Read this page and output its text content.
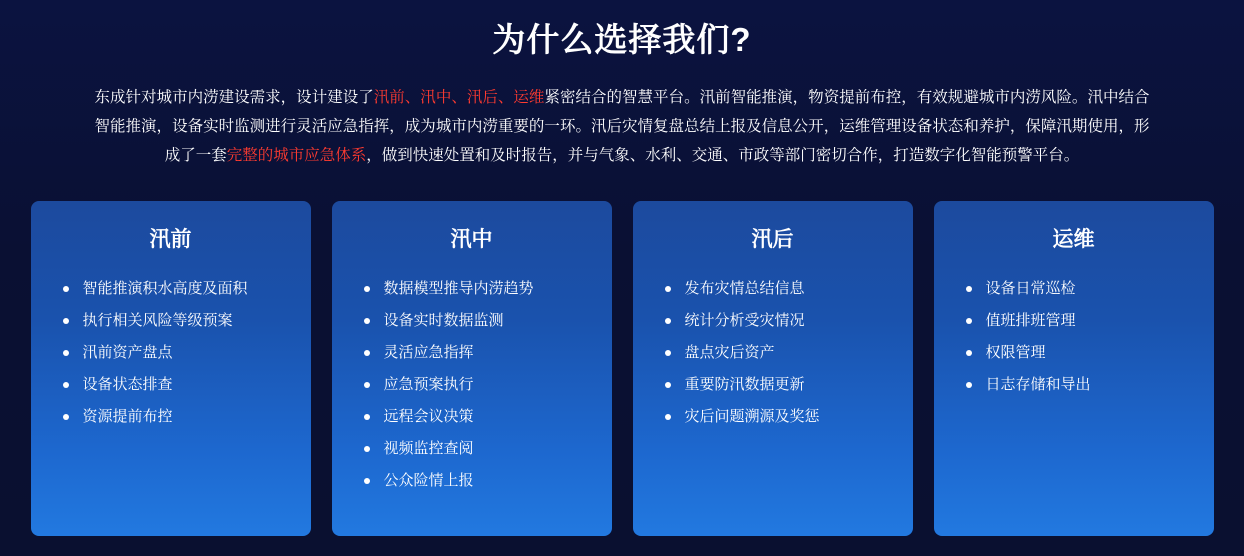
为什么选择我们?

东成针对城市内涝建设需求，设计建设了汛前、汛中、汛后、运维紧密结合的智慧平台。汛前智能推演，物资提前布控，有效规避城市内涝风险。汛中结合智能推演，设备实时监测进行灵活应急指挥，成为城市内涝重要的一环。汛后灾情复盘总结上报及信息公开，运维管理设备状态和养护，保障汛期使用，形成了一套完整的城市应急体系，做到快速处置和及时报告，并与气象、水利、交通、市政等部门密切合作，打造数字化智能预警平台。

汛前
智能推演积水高度及面积
执行相关风险等级预案
汛前资产盘点
设备状态排查
资源提前布控
汛中
数据模型推导内涝趋势
设备实时数据监测
灵活应急指挥
应急预案执行
远程会议决策
视频监控查阅
公众险情上报
汛后
发布灾情总结信息
统计分析受灾情况
盘点灾后资产
重要防汛数据更新
灾后问题溯源及奖惩
运维
设备日常巡检
值班排班管理
权限管理
日志存储和导出
